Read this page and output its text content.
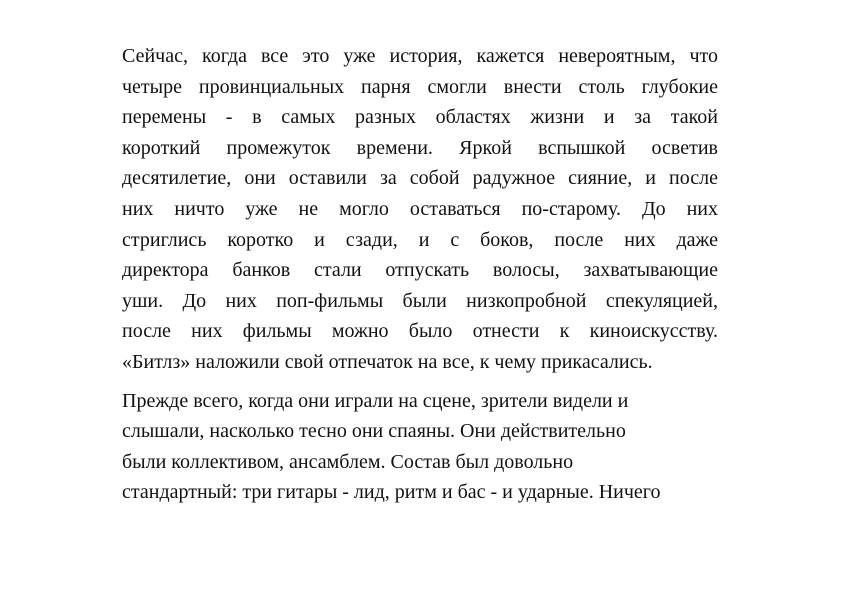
Сейчас, когда все это уже история, кажется невероятным, что
четыре провинциальных парня смогли внести столь глубокие
перемены - в самых разных областях жизни и за такой
короткий промежуток времени. Яркой вспышкой осветив
десятилетие, они оставили за собой радужное сияние, и после
них ничто уже не могло оставаться по-старому. До них
стриглись коротко и сзади, и с боков, после них даже
директора банков стали отпускать волосы, захватывающие
уши. До них поп-фильмы были низкопробной спекуляцией,
после них фильмы можно было отнести к киноискусству.
«Битлз» наложили свой отпечаток на все, к чему прикасались.
Прежде всего, когда они играли на сцене, зрители видели и
слышали, насколько тесно они спаяны. Они действительно
были коллективом, ансамблем. Состав был довольно
стандартный: три гитары - лид, ритм и бас - и ударные. Ничего
